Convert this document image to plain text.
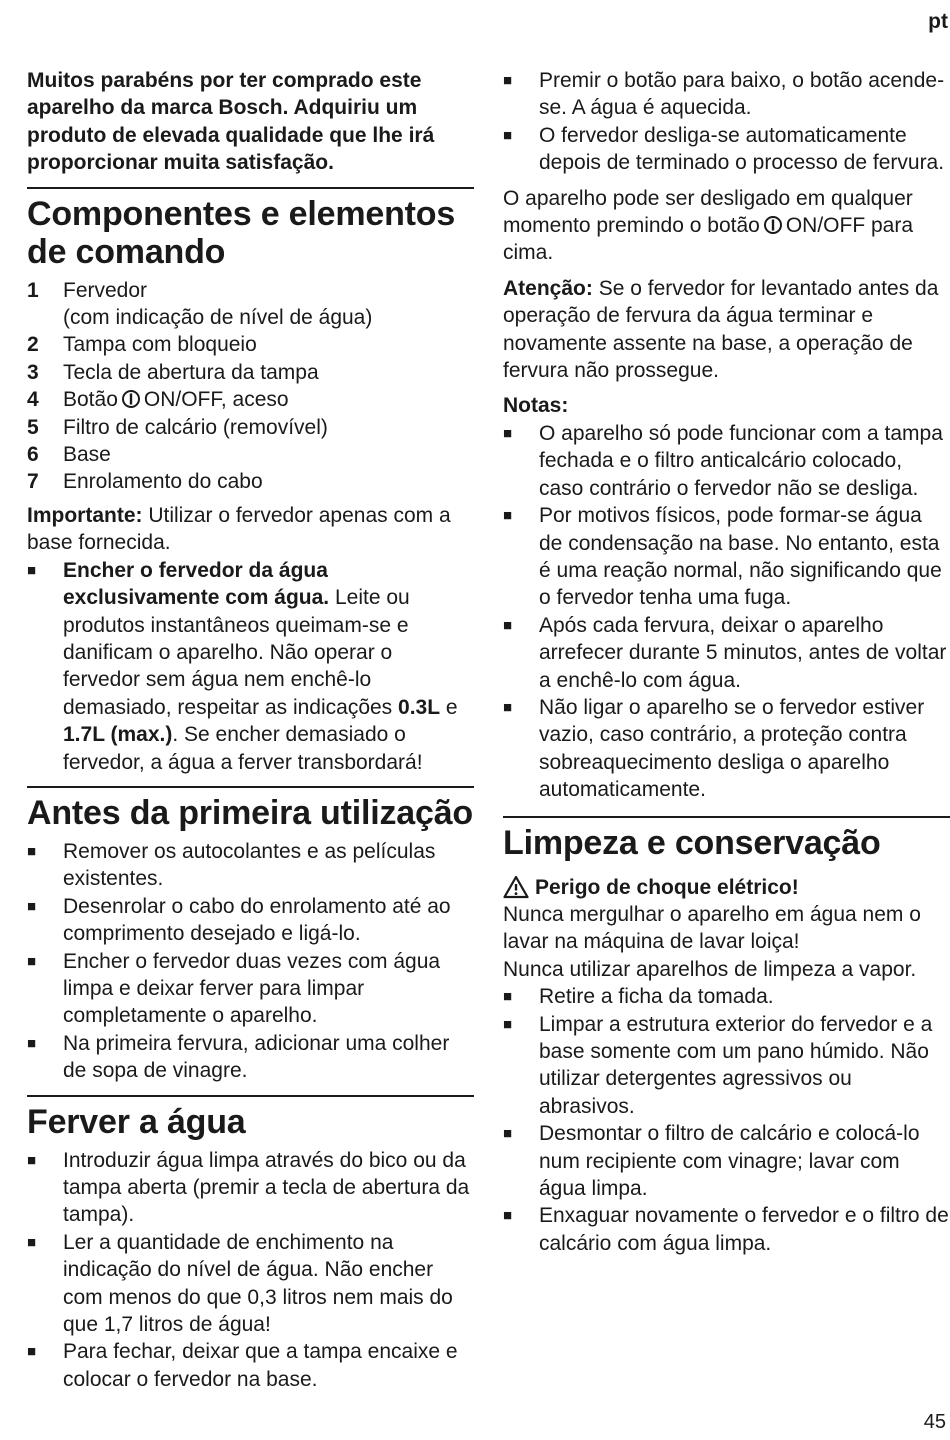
pt

Muitos parabéns por ter comprado este aparelho da marca Bosch. Adquiriu um produto de elevada qualidade que lhe irá proporcionar muita satisfação.

Componentes e elementos de comando
1	Fervedor
(com indicação de nível de água)
2	Tampa com bloqueio
3	Tecla de abertura da tampa
4	Botão ON/OFF, aceso
5	Filtro de calcário (removível)
6	Base
7	Enrolamento do cabo

Importante: Utilizar o fervedor apenas com a base fornecida.

■	Encher o fervedor da água exclusivamente com água. Leite ou produtos instantâneos queimam-se e danificam o aparelho. Não operar o fervedor sem água nem enchê-lo demasiado, respeitar as indicações 0.3L e 1.7L (max.). Se encher demasiado o fervedor, a água a ferver transbordará!
Antes da primeira utilização
■	Remover os autocolantes e as películas existentes.
■	Desenrolar o cabo do enrolamento até ao comprimento desejado e ligá-lo.
■	Encher o fervedor duas vezes com água limpa e deixar ferver para limpar completamente o aparelho.
■	Na primeira fervura, adicionar uma colher de sopa de vinagre.
Ferver a água
■	Introduzir água limpa através do bico ou da tampa aberta (premir a tecla de abertura da tampa).
■	Ler a quantidade de enchimento na indicação do nível de água. Não encher com menos do que 0,3 litros nem mais do que 1,7 litros de água!
■	Para fechar, deixar que a tampa encaixe e colocar o fervedor na base.
■	Premir o botão para baixo, o botão acende-se. A água é aquecida.
■	O fervedor desliga-se automaticamente depois de terminado o processo de fervura.

O aparelho pode ser desligado em qualquer momento premindo o botão ON/OFF para cima.

Atenção: Se o fervedor for levantado antes da operação de fervura da água terminar e novamente assente na base, a operação de fervura não prossegue.

Notas:

■	O aparelho só pode funcionar com a tampa fechada e o filtro anticalcário colocado, caso contrário o fervedor não se desliga.
■	Por motivos físicos, pode formar-se água de condensação na base. No entanto, esta é uma reação normal, não significando que o fervedor tenha uma fuga.
■	Após cada fervura, deixar o aparelho arrefecer durante 5 minutos, antes de voltar a enchê-lo com água.
■	Não ligar o aparelho se o fervedor estiver vazio, caso contrário, a proteção contra sobreaquecimento desliga o aparelho automaticamente.
Limpeza e conservação
Perigo de choque elétrico!

Nunca mergulhar o aparelho em água nem o lavar na máquina de lavar loiça!

Nunca utilizar aparelhos de limpeza a vapor.

■	Retire a ficha da tomada.
■	Limpar a estrutura exterior do fervedor e a base somente com um pano húmido. Não utilizar detergentes agressivos ou abrasivos.
■	Desmontar o filtro de calcário e colocá-lo num recipiente com vinagre; lavar com água limpa.
■	Enxaguar novamente o fervedor e o filtro de calcário com água limpa.
45
